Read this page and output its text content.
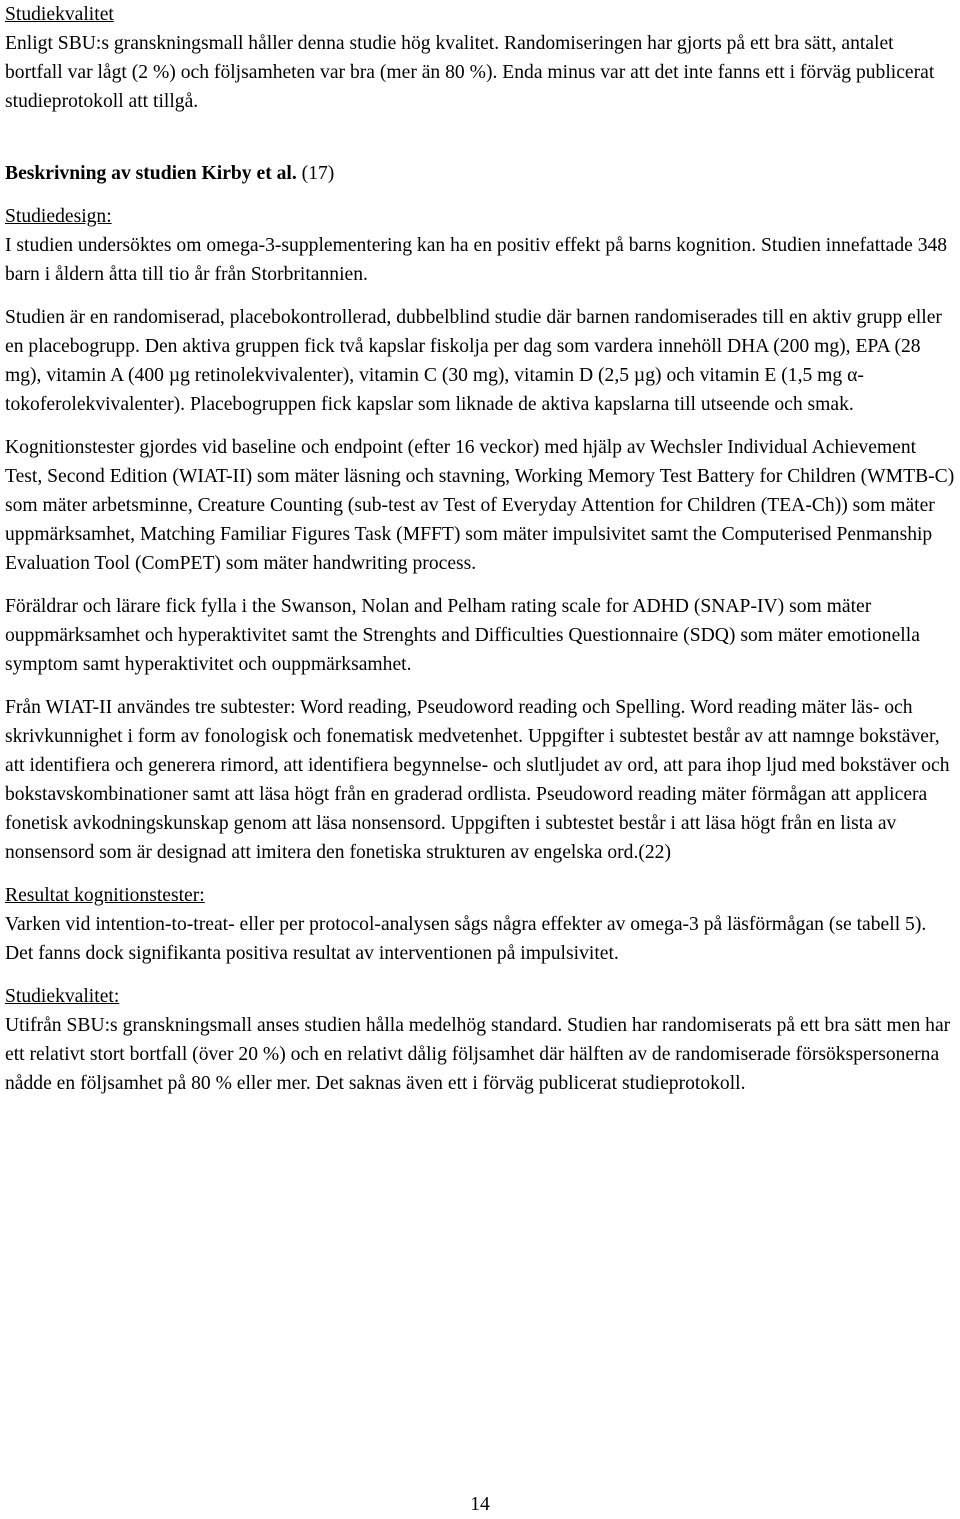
Studiekvalitet

Enligt SBU:s granskningsmall håller denna studie hög kvalitet. Randomiseringen har gjorts på ett bra sätt, antalet bortfall var lågt (2 %) och följsamheten var bra (mer än 80 %). Enda minus var att det inte fanns ett i förväg publicerat studieprotokoll att tillgå.

Beskrivning av studien Kirby et al. (17)

Studiedesign:

I studien undersöktes om omega-3-supplementering kan ha en positiv effekt på barns kognition. Studien innefattade 348 barn i åldern åtta till tio år från Storbritannien.

Studien är en randomiserad, placebokontrollerad, dubbelblind studie där barnen randomiserades till en aktiv grupp eller en placebogrupp. Den aktiva gruppen fick två kapslar fiskolja per dag som vardera innehöll DHA (200 mg), EPA (28 mg), vitamin A (400 µg retinolekvivalenter), vitamin C (30 mg), vitamin D (2,5 µg) och vitamin E (1,5 mg α-tokoferolekvivalenter). Placebogruppen fick kapslar som liknade de aktiva kapslarna till utseende och smak.

Kognitionstester gjordes vid baseline och endpoint (efter 16 veckor) med hjälp av Wechsler Individual Achievement Test, Second Edition (WIAT-II) som mäter läsning och stavning, Working Memory Test Battery for Children (WMTB-C) som mäter arbetsminne, Creature Counting (sub-test av Test of Everyday Attention for Children (TEA-Ch)) som mäter uppmärksamhet, Matching Familiar Figures Task (MFFT) som mäter impulsivitet samt the Computerised Penmanship Evaluation Tool (ComPET) som mäter handwriting process.

Föräldrar och lärare fick fylla i the Swanson, Nolan and Pelham rating scale for ADHD (SNAP-IV) som mäter ouppmärksamhet och hyperaktivitet samt the Strenghts and Difficulties Questionnaire (SDQ) som mäter emotionella symptom samt hyperaktivitet och ouppmärksamhet.

Från WIAT-II användes tre subtester: Word reading, Pseudoword reading och Spelling. Word reading mäter läs- och skrivkunnighet i form av fonologisk och fonematisk medvetenhet. Uppgifter i subtestet består av att namnge bokstäver, att identifiera och generera rimord, att identifiera begynnelse- och slutljudet av ord, att para ihop ljud med bokstäver och bokstavskombinationer samt att läsa högt från en graderad ordlista. Pseudoword reading mäter förmågan att applicera fonetisk avkodningskunskap genom att läsa nonsensord. Uppgiften i subtestet består i att läsa högt från en lista av nonsensord som är designad att imitera den fonetiska strukturen av engelska ord.(22)

Resultat kognitionstester:

Varken vid intention-to-treat- eller per protocol-analysen sågs några effekter av omega-3 på läsförmågan (se tabell 5). Det fanns dock signifikanta positiva resultat av interventionen på impulsivitet.

Studiekvalitet:

Utifrån SBU:s granskningsmall anses studien hålla medelhög standard. Studien har randomiserats på ett bra sätt men har ett relativt stort bortfall (över 20 %) och en relativt dålig följsamhet där hälften av de randomiserade försökspersonerna nådde en följsamhet på 80 % eller mer. Det saknas även ett i förväg publicerat studieprotokoll.

14
